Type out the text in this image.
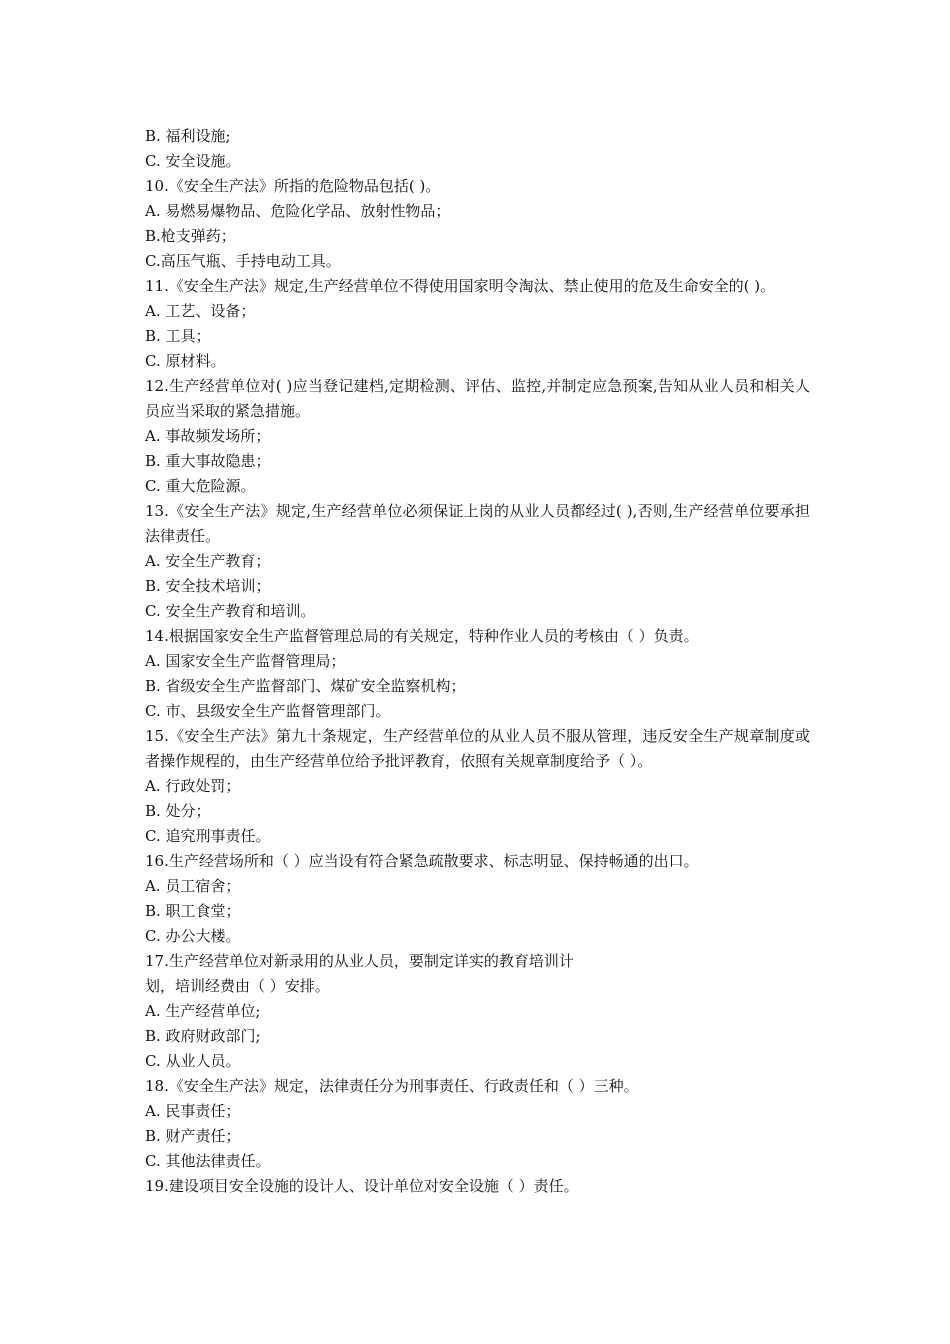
B. 福利设施;
C. 安全设施。
10.《安全生产法》所指的危险物品包括( )。
A. 易燃易爆物品、危险化学品、放射性物品；
B.枪支弹药；
C.高压气瓶、手持电动工具。
11.《安全生产法》规定,生产经营单位不得使用国家明令淘汰、禁止使用的危及生命安全的( )。
A. 工艺、设备；
B. 工具；
C. 原材料。
12.生产经营单位对( )应当登记建档,定期检测、评估、监控,并制定应急预案,告知从业人员和相关人员应当采取的紧急措施。
A. 事故频发场所；
B. 重大事故隐患；
C. 重大危险源。
13.《安全生产法》规定,生产经营单位必须保证上岗的从业人员都经过( ),否则,生产经营单位要承担法律责任。
A. 安全生产教育；
B. 安全技术培训；
C. 安全生产教育和培训。
14.根据国家安全生产监督管理总局的有关规定，特种作业人员的考核由（ ）负责。
A. 国家安全生产监督管理局；
B. 省级安全生产监督部门、煤矿安全监察机构；
C. 市、县级安全生产监督管理部门。
15.《安全生产法》第九十条规定，生产经营单位的从业人员不服从管理，违反安全生产规章制度或者操作规程的，由生产经营单位给予批评教育，依照有关规章制度给予（ ）。
A. 行政处罚；
B. 处分；
C. 追究刑事责任。
16.生产经营场所和（ ）应当设有符合紧急疏散要求、标志明显、保持畅通的出口。
A. 员工宿舍；
B. 职工食堂；
C. 办公大楼。
17.生产经营单位对新录用的从业人员，要制定详实的教育培训计
划，培训经费由（ ）安排。
A. 生产经营单位;
B. 政府财政部门;
C. 从业人员。
18.《安全生产法》规定，法律责任分为刑事责任、行政责任和（ ）三种。
A. 民事责任；
B. 财产责任；
C. 其他法律责任。
19.建设项目安全设施的设计人、设计单位对安全设施（ ）责任。
